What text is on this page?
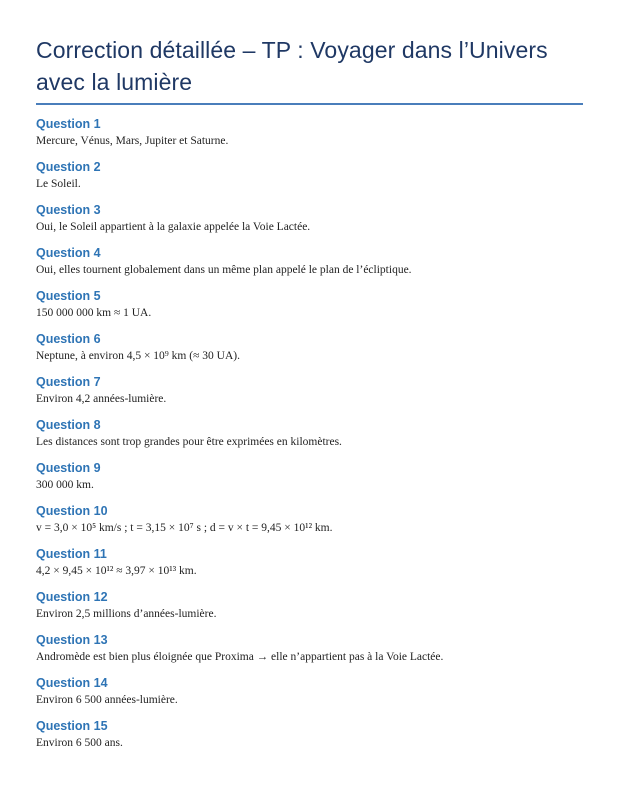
Correction détaillée – TP : Voyager dans l’Univers
avec la lumière
Question 1

Mercure, Vénus, Mars, Jupiter et Saturne.

Question 2

Le Soleil.

Question 3

Oui, le Soleil appartient à la galaxie appelée la Voie Lactée.

Question 4

Oui, elles tournent globalement dans un même plan appelé le plan de l’écliptique.

Question 5

150 000 000 km ≈ 1 UA.

Question 6

Neptune, à environ 4,5 × 10⁹ km (≈ 30 UA).

Question 7

Environ 4,2 années-lumière.

Question 8

Les distances sont trop grandes pour être exprimées en kilomètres.

Question 9

300 000 km.

Question 10

v = 3,0 × 10⁵ km/s ; t = 3,15 × 10⁷ s ; d = v × t = 9,45 × 10¹² km.

Question 11

4,2 × 9,45 × 10¹² ≈ 3,97 × 10¹³ km.

Question 12

Environ 2,5 millions d’années-lumière.

Question 13

Andromède est bien plus éloignée que Proxima → elle n’appartient pas à la Voie Lactée.

Question 14

Environ 6 500 années-lumière.

Question 15

Environ 6 500 ans.
